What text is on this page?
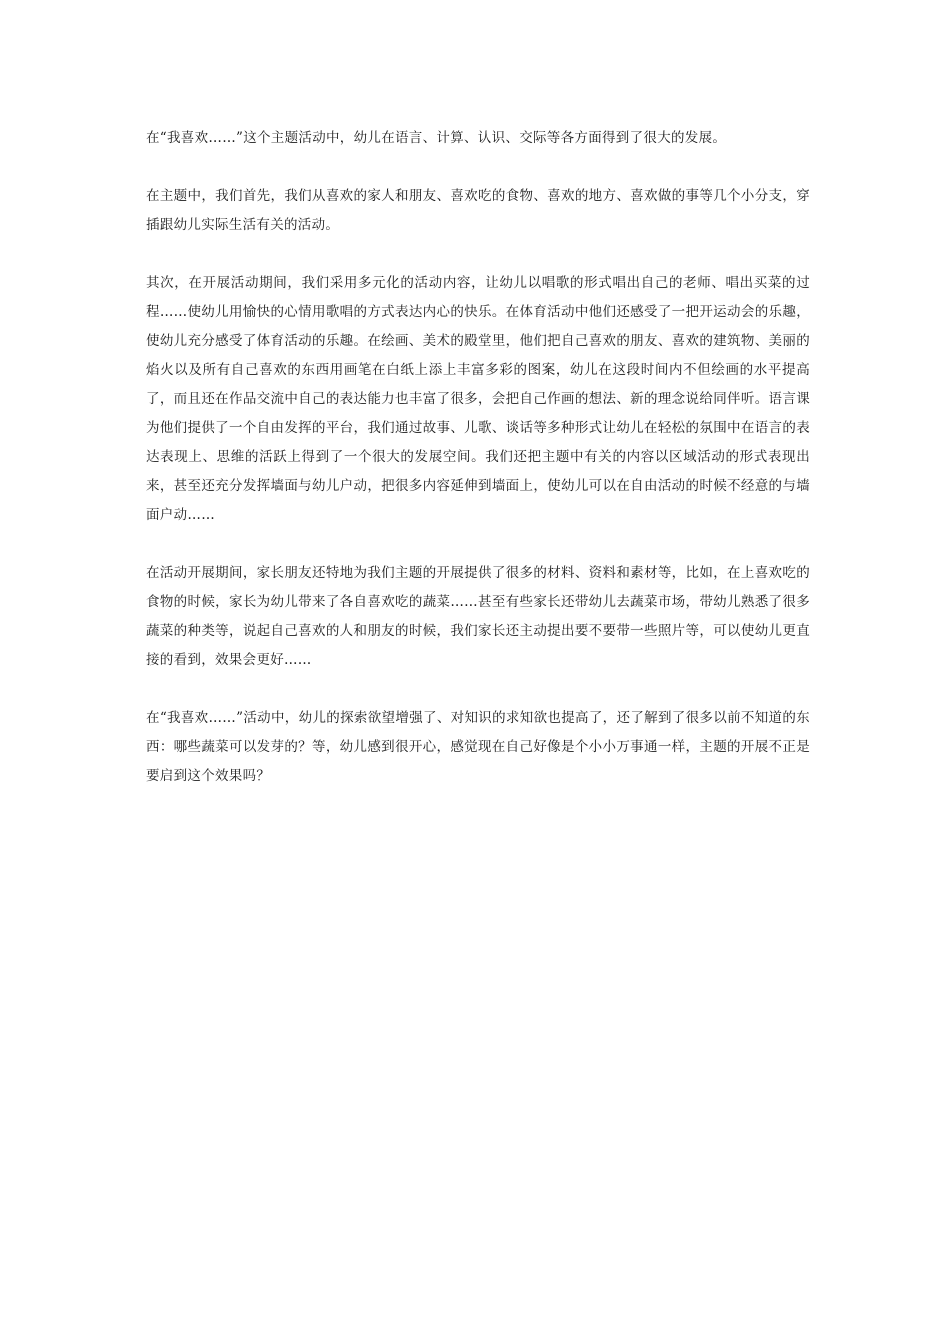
在“我喜欢……”这个主题活动中，幼儿在语言、计算、认识、交际等各方面得到了很大的发展。

在主题中，我们首先，我们从喜欢的家人和朋友、喜欢吃的食物、喜欢的地方、喜欢做的事等几个小分支，穿插跟幼儿实际生活有关的活动。

其次，在开展活动期间，我们采用多元化的活动内容，让幼儿以唱歌的形式唱出自己的老师、唱出买菜的过程……使幼儿用愉快的心情用歌唱的方式表达内心的快乐。在体育活动中他们还感受了一把开运动会的乐趣，使幼儿充分感受了体育活动的乐趣。在绘画、美术的殿堂里，他们把自己喜欢的朋友、喜欢的建筑物、美丽的焰火以及所有自己喜欢的东西用画笔在白纸上添上丰富多彩的图案，幼儿在这段时间内不但绘画的水平提高了，而且还在作品交流中自己的表达能力也丰富了很多，会把自己作画的想法、新的理念说给同伴听。语言课为他们提供了一个自由发挥的平台，我们通过故事、儿歌、谈话等多种形式让幼儿在轻松的氛围中在语言的表达表现上、思维的活跃上得到了一个很大的发展空间。我们还把主题中有关的内容以区域活动的形式表现出来，甚至还充分发挥墙面与幼儿户动，把很多内容延伸到墙面上，使幼儿可以在自由活动的时候不经意的与墙面户动……

在活动开展期间，家长朋友还特地为我们主题的开展提供了很多的材料、资料和素材等，比如，在上喜欢吃的食物的时候，家长为幼儿带来了各自喜欢吃的蔬菜……甚至有些家长还带幼儿去蔬菜市场，带幼儿熟悉了很多蔬菜的种类等，说起自己喜欢的人和朋友的时候，我们家长还主动提出要不要带一些照片等，可以使幼儿更直接的看到，效果会更好……

在“我喜欢……”活动中，幼儿的探索欲望增强了、对知识的求知欲也提高了，还了解到了很多以前不知道的东西：哪些蔬菜可以发芽的？等，幼儿感到很开心，感觉现在自己好像是个小小万事通一样，主题的开展不正是要启到这个效果吗？
